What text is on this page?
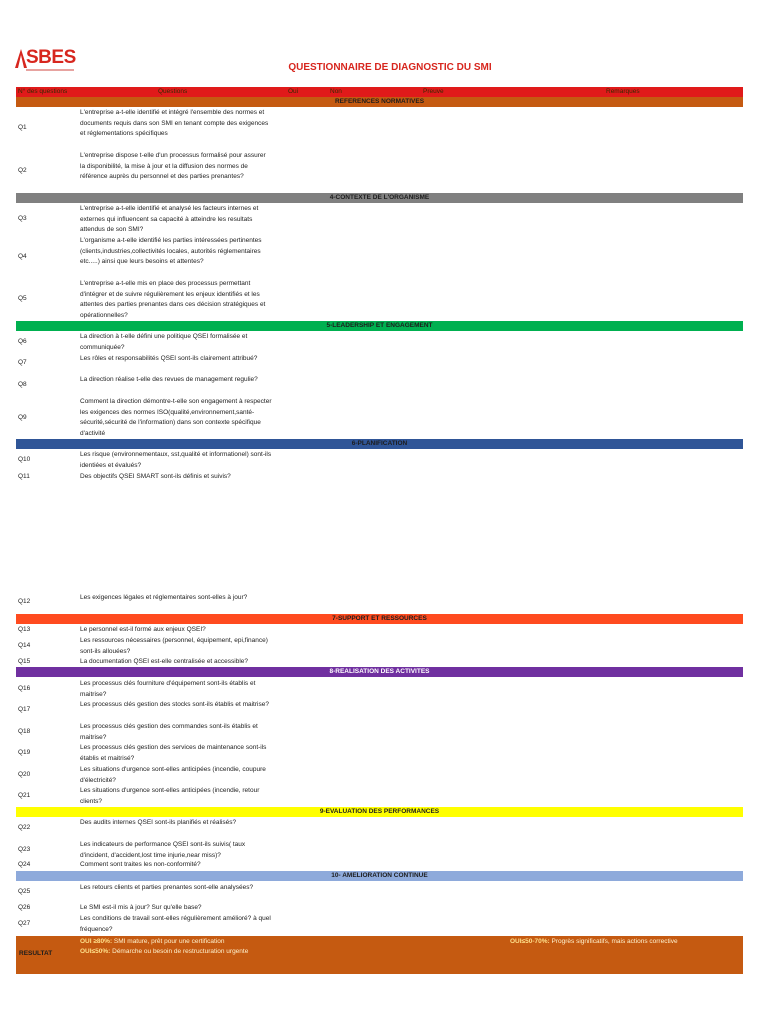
SBES	QUESTIONNAIRE DE DIAGNOSTIC DU SMI
N° des questions	Questions	Oui	Non	Preuve	Remarques
REFERENCES NORMATIVES
Q1
L'entreprise a-t-elle identifié et intégré l'ensemble des normes et documents requis dans son SMI en tenant compte des exigences et réglementations spécifiques
Q2
L'entreprise dispose t-elle d'un processus formalisé pour assurer la disponibilité, la mise à jour et la diffusion des normes de référence auprès du personnel et des parties prenantes?
4-CONTEXTE DE L'ORGANISME
Q3
L'entreprise a-t-elle identifié et analysé les facteurs internes et externes qui influencent sa capacité à atteindre les resultats attendus de son SMI?
Q4
L'organisme a-t-elle identifié les parties intéressées pertinentes (clients,industries,collectivités locales, autorités réglementaires etc.....) ainsi que leurs besoins et attentes?
Q5
L'entreprise a-t-elle mis en place des processus permettant d'intégrer et de suivre régulièrement les enjeux identifiés et les attentes des parties prenantes dans ces décision stratégiques et opérationnelles?
5-LEADERSHIP ET ENGAGEMENT
Q6
La direction à t-elle défini une politique QSEI formalisée et communiquée?
Q7
Les rôles et responsabilités QSEI sont-ils clairement attribué?
Q8
La direction réalise t-elle des revues de management regulie?
Q9
Comment la direction démontre-t-elle son engagement à respecter les exigences des normes ISO(qualité,environnement,santé-sécurité,sécurité de l'information) dans son contexte spécifique d'activité
6-PLANIFICATION
Q10
Les risque (environnementaux, sst,qualité et informationel) sont-ils identiées et évalués?
Q11	Des objectifs QSEI SMART sont-ils définis et suivis?
Q12
Les exigences légales et réglementaires sont-elles à jour?
7-SUPPORT ET RESSOURCES
Q13	Le personnel est-il formé aux enjeux QSEI?
Q14
Les ressources nécessaires (personnel, équipement, epi,finance) sont-ils allouées?
Q15	La documentation QSEI est-elle centralisée et accessible?
8-REALISATION DES ACTIVITES
Q16
Les processus clés fourniture d'équipement sont-ils établis et maitrise?
Q17
Les processus clés gestion des stocks sont-ils établis et maitrise?
Q18
Les processus clés gestion des commandes sont-ils établis et maitrise?
Q19
Les processus clés gestion des services de maintenance sont-ils établis et maitrisé?
Q20
Les situations d'urgence sont-elles anticipées (incendie, coupure d'électricité?
Q21
Les situations d'urgence sont-elles anticipées (incendie, retour clients?
9-EVALUATION DES PERFORMANCES
Q22
Des audits internes QSEI sont-ils planifiés et réalisés?
Q23
Les indicateurs de performance QSEI sont-ils suivis( taux d'incident, d'accident,lost time injurie,near miss)?
Q24	Comment sont traites les non-conformité?
10- AMELIORATION CONTINUE
Q25
Les retours clients et parties prenantes sont-elle analysées?
Q26	Le SMI est-il mis à jour? Sur qu'elle base?
Q27
Les conditions de travail sont-elles régulièrement amélioré? à quel fréquence?
RESULTAT
OUI ≥80%: SMI mature, prêt pour une certification
OUI≤50%: Démarche ou besoin de restructuration urgente
OUI≤50-70%: Progrès significatifs, mais actions corrective
